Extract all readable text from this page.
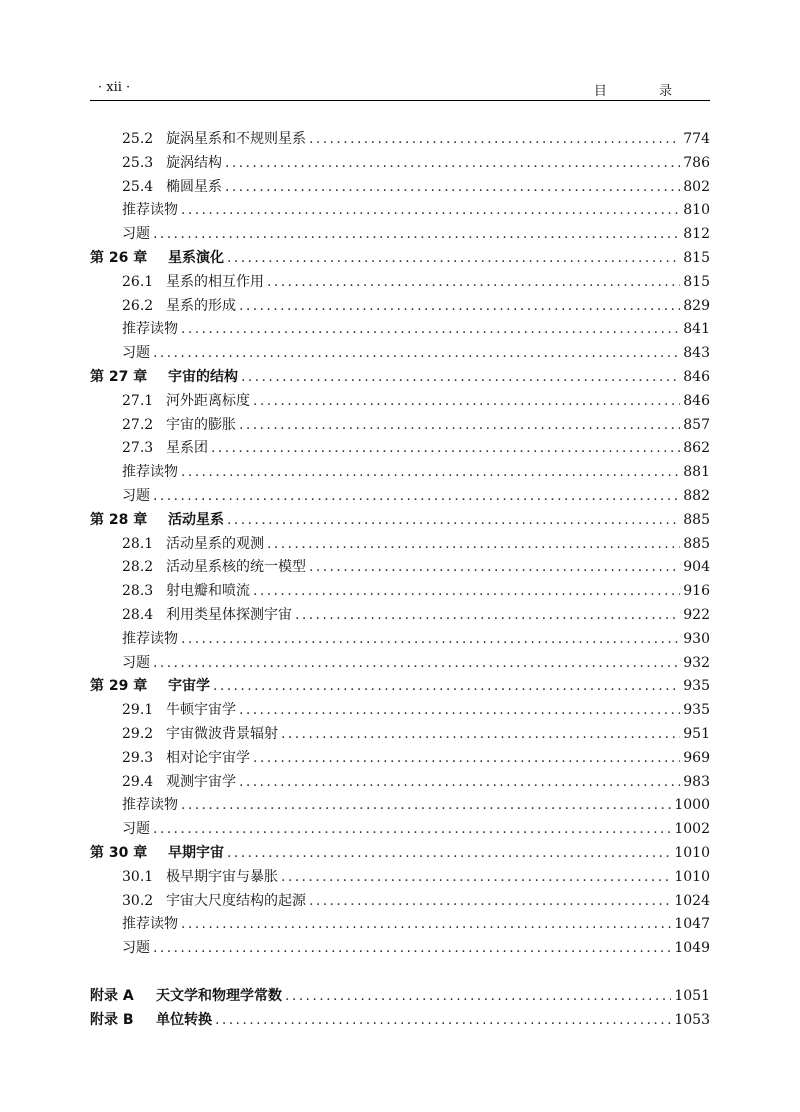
· xii ·	目 录
25.2 旋涡星系和不规则星系 .....	774
25.3 旋涡结构 .....	786
25.4 椭圆星系 .....	802
推荐读物 .....	810
习题 .....	812
第 26 章	星系演化 .....	815
26.1 星系的相互作用 .....	815
26.2 星系的形成 .....	829
推荐读物 .....	841
习题 .....	843
第 27 章	宇宙的结构 .....	846
27.1 河外距离标度 .....	846
27.2 宇宙的膨胀 .....	857
27.3 星系团 .....	862
推荐读物 .....	881
习题 .....	882
第 28 章	活动星系 .....	885
28.1 活动星系的观测 .....	885
28.2 活动星系核的统一模型 .....	904
28.3 射电瓣和喷流 .....	916
28.4 利用类星体探测宇宙 .....	922
推荐读物 .....	930
习题 .....	932
第 29 章	宇宙学 .....	935
29.1 牛顿宇宙学 .....	935
29.2 宇宙微波背景辐射 .....	951
29.3 相对论宇宙学 .....	969
29.4 观测宇宙学 .....	983
推荐读物 .....	1000
习题 .....	1002
第 30 章	早期宇宙 .....	1010
30.1 极早期宇宙与暴胀 .....	1010
30.2 宇宙大尺度结构的起源 .....	1024
推荐读物 .....	1047
习题 .....	1049
附录 A	天文学和物理学常数 .....	1051
附录 B	单位转换 .....	1053
